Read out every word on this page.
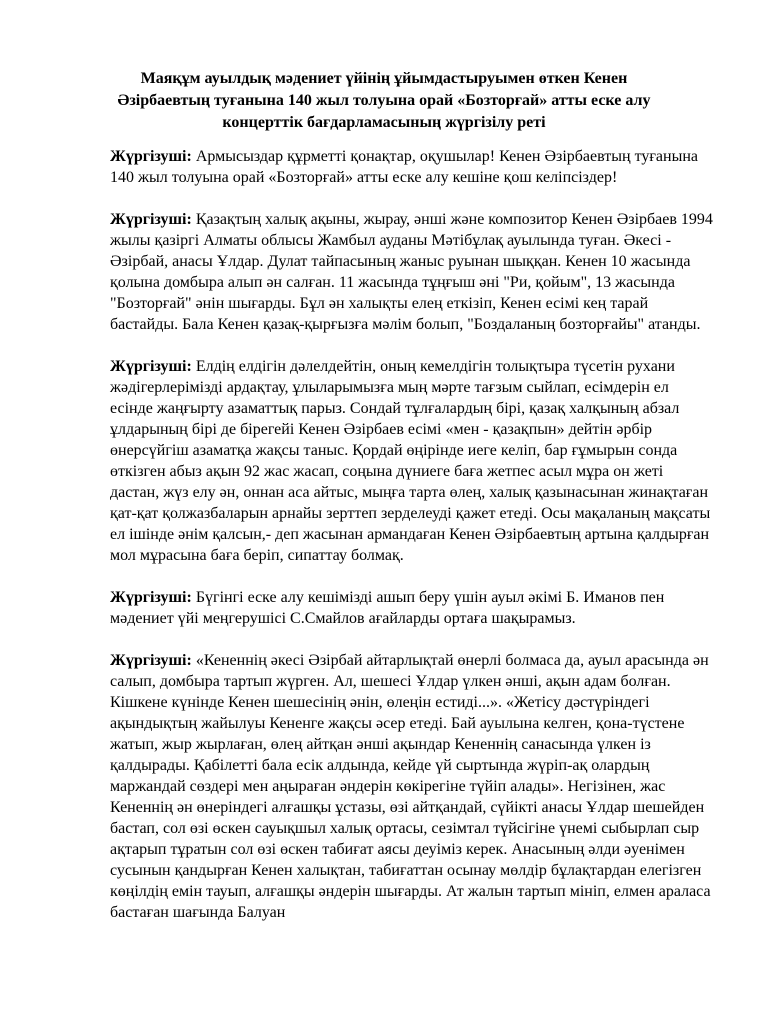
Маяқұм ауылдық мәдениет үйінің ұйымдастыруымен өткен Кенен Әзірбаевтың туғанына 140 жыл толуына орай «Бозторғай» атты еске алу концерттік бағдарламасының жүргізілу реті

Жүргізуші: Армысыздар құрметті қонақтар, оқушылар! Кенен Әзірбаевтың туғанына 140 жыл толуына орай «Бозторғай» атты еске алу кешіне қош келіпсіздер!

Жүргізуші: Қазақтың халық ақыны, жырау, әнші және композитор Кенен Әзірбаев 1994 жылы қазіргі Алматы облысы Жамбыл ауданы Мәтібұлақ ауылында туған. Әкесі - Әзірбай, анасы Ұлдар. Дулат тайпасының жаныс руынан шыққан. Кенен 10 жасында қолына домбыра алып ән салған. 11 жасында тұңғыш әні "Ри, қойым", 13 жасында "Бозторғай" әнін шығарды. Бұл ән халықты елең еткізіп, Кенен есімі кең тарай бастайды. Бала Кенен қазақ-қырғызға мәлім болып, "Боздаланың бозторғайы" атанды.

Жүргізуші: Елдің елдігін дәлелдейтін, оның кемелдігін толықтыра түсетін рухани жәдігерлерімізді ардақтау, ұлыларымызға мың мәрте тағзым сыйлап, есімдерін ел есінде жаңғырту азаматтық парыз. Сондай тұлғалардың бірі, қазақ халқының абзал ұлдарының бірі де бірегейі Кенен Әзірбаев есімі «мен - қазақпын» дейтін әрбір өнерсүйгіш азаматқа жақсы таныс. Қордай өңірінде иеге келіп, бар ғұмырын сонда өткізген абыз ақын 92 жас жасап, соңына дүниеге баға жетпес асыл мұра он жеті дастан, жүз елу ән, оннан аса айтыс, мыңға тарта өлең, халық қазынасынан жинақтаған қат-қат қолжазбаларын арнайы зерттеп зерделеуді қажет етеді. Осы мақаланың мақсаты ел ішінде әнім қалсын,- деп жасынан армандаған Кенен Әзірбаевтың артына қалдырған мол мұрасына баға беріп, сипаттау болмақ.

Жүргізуші: Бүгінгі еске алу кешімізді ашып беру үшін ауыл әкімі Б. Иманов пен мәдениет үйі меңгерушісі С.Смайлов ағайларды ортаға шақырамыз.

Жүргізуші: «Кененнің әкесі Әзірбай айтарлықтай өнерлі болмаса да, ауыл арасында ән салып, домбыра тартып жүрген. Ал, шешесі Ұлдар үлкен әнші, ақын адам болған. Кішкене күнінде Кенен шешесінің әнін, өлеңін естиді...». «Жетісу дәстүріндегі ақындықтың жайылуы Кененге жақсы әсер етеді. Бай ауылына келген, қона-түстене жатып, жыр жырлаған, өлең айтқан әнші ақындар Кененнің санасында үлкен із қалдырады. Қабілетті бала есік алдында, кейде үй сыртында жүріп-ақ олардың маржандай сөздері мен аңыраған әндерін көкірегіне түйіп алады». Негізінен, жас Кененнің ән өнеріндегі алғашқы ұстазы, өзі айтқандай, сүйікті анасы Ұлдар шешейден бастап, сол өзі өскен сауықшыл халық ортасы, сезімтал түйсігіне үнемі сыбырлап сыр ақтарып тұратын сол өзі өскен табиғат аясы деуіміз керек. Анасының әлди әуенімен сусынын қандырған Кенен халықтан, табиғаттан осынау мөлдір бұлақтардан елегізген көңілдің емін тауып, алғашқы әндерін шығарды. Ат жалын тартып мініп, елмен араласа бастаған шағында Балуан
